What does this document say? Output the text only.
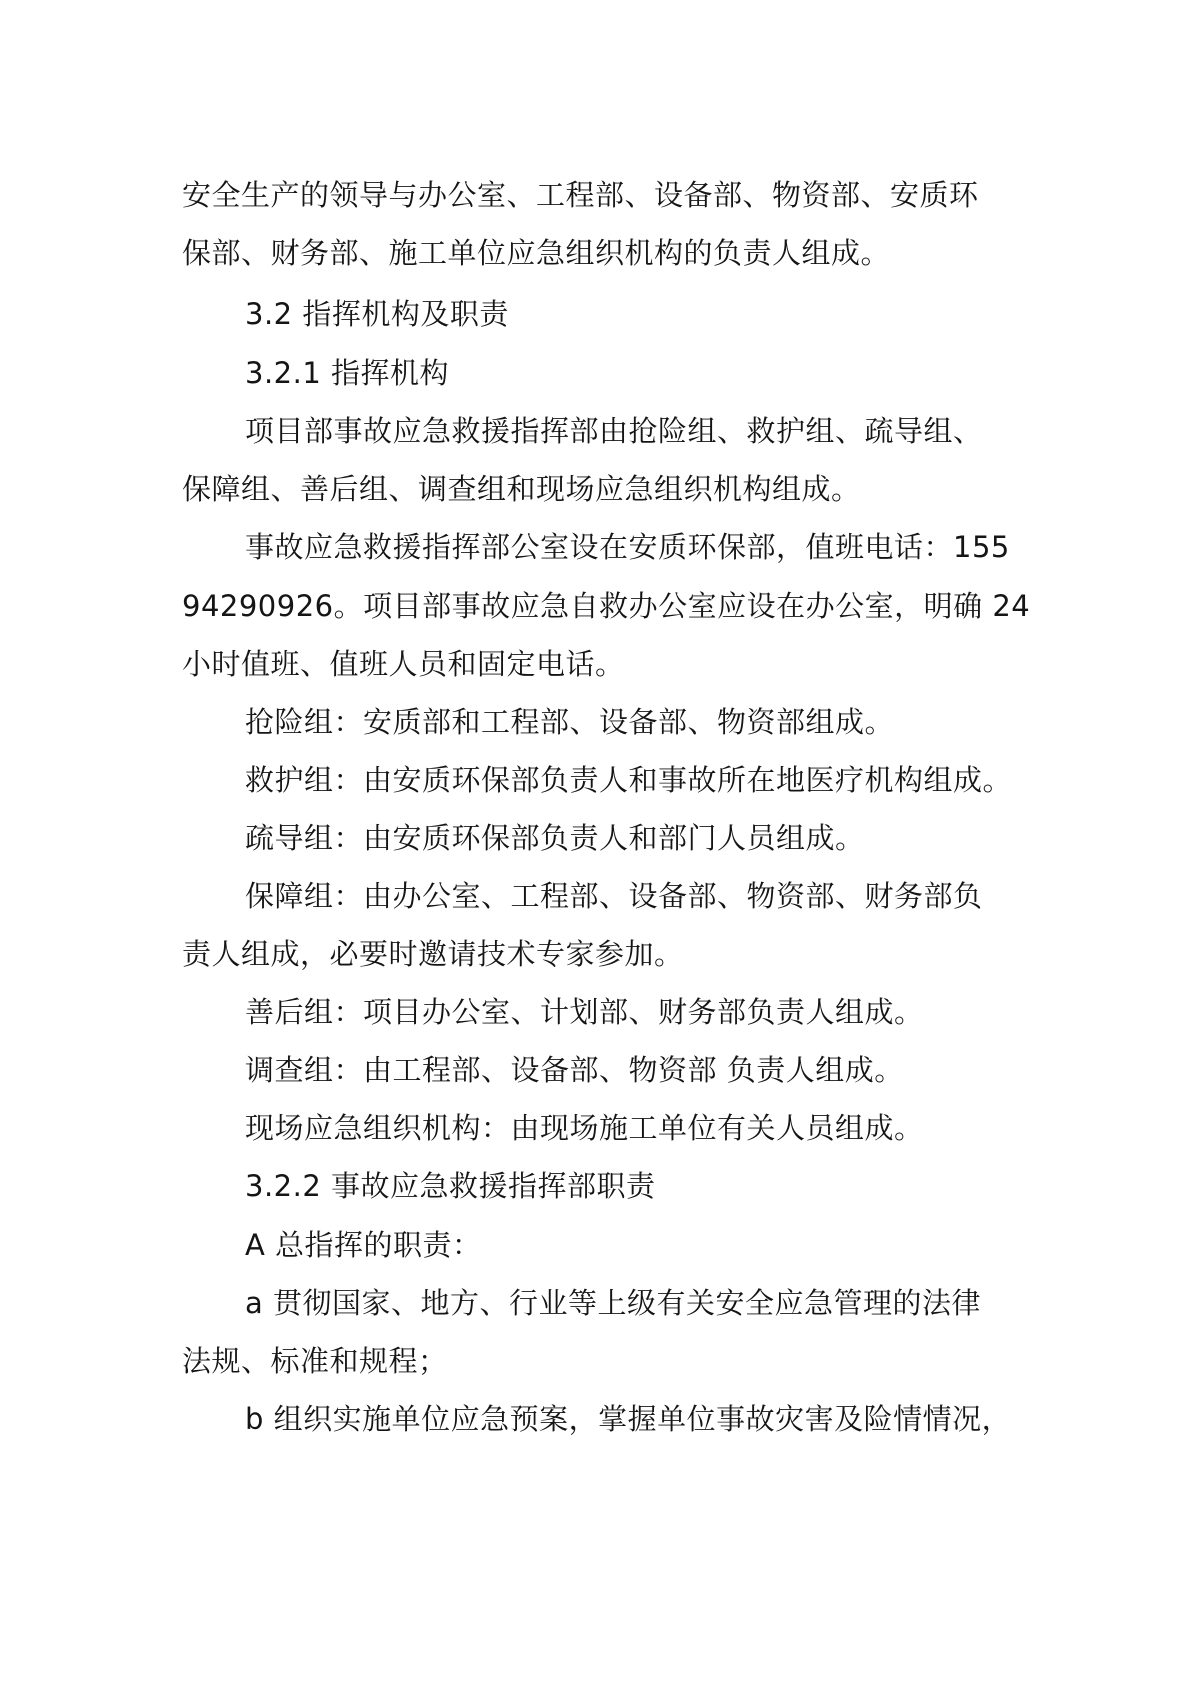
安全生产的领导与办公室、工程部、设备部、物资部、安质环
保部、财务部、施工单位应急组织机构的负责人组成。
3.2 指挥机构及职责
3.2.1 指挥机构
项目部事故应急救援指挥部由抢险组、救护组、疏导组、
保障组、善后组、调查组和现场应急组织机构组成。
事故应急救援指挥部公室设在安质环保部，值班电话：155
94290926。项目部事故应急自救办公室应设在办公室，明确 24
小时值班、值班人员和固定电话。
抢险组：安质部和工程部、设备部、物资部组成。
救护组：由安质环保部负责人和事故所在地医疗机构组成。
疏导组：由安质环保部负责人和部门人员组成。
保障组：由办公室、工程部、设备部、物资部、财务部负
责人组成，必要时邀请技术专家参加。
善后组：项目办公室、计划部、财务部负责人组成。
调查组：由工程部、设备部、物资部 负责人组成。
现场应急组织机构：由现场施工单位有关人员组成。
3.2.2 事故应急救援指挥部职责
A 总指挥的职责：
a 贯彻国家、地方、行业等上级有关安全应急管理的法律
法规、标准和规程；
b 组织实施单位应急预案，掌握单位事故灾害及险情情况，
